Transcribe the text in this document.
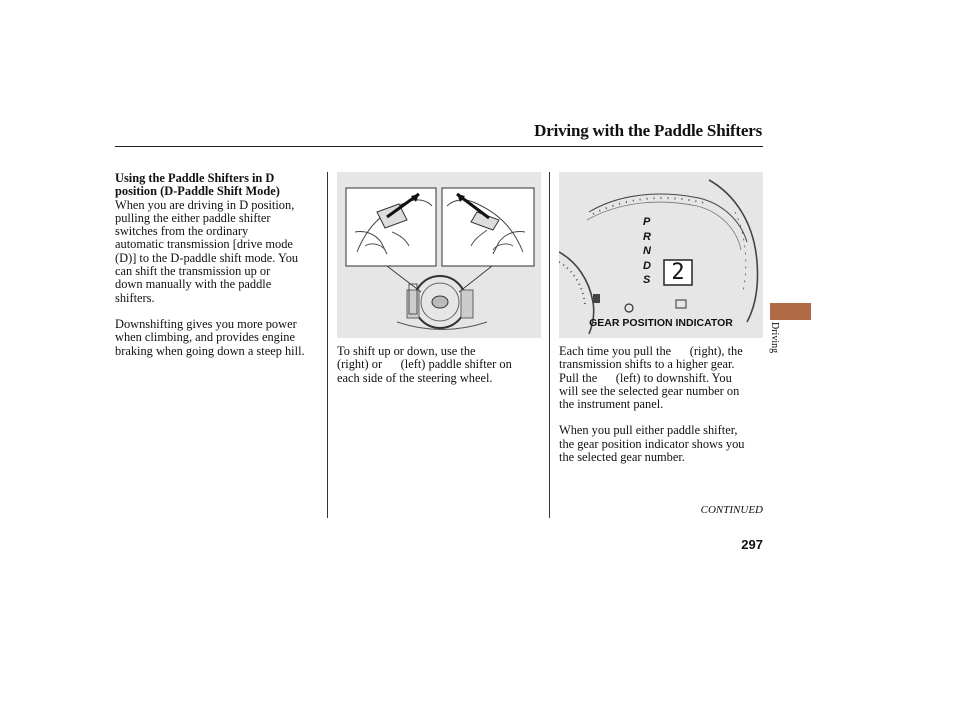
Driving with the Paddle Shifters

Using the Paddle Shifters in D

position (D-Paddle Shift Mode)

When you are driving in D position,

pulling the either paddle shifter

switches from the ordinary

automatic transmission [drive mode

(D)] to the D-paddle shift mode. You

can shift the transmission up or

down manually with the paddle

shifters.

Downshifting gives you more power

when climbing, and provides engine

braking when going down a steep hill.

P
R
N
D
S 2
GEAR POSITION INDICATOR

To shift up or down, use the

(right) or      (left) paddle shifter on

each side of the steering wheel.

Each time you pull the      (right), the

transmission shifts to a higher gear.

Pull the      (left) to downshift. You

will see the selected gear number on

the instrument panel.

When you pull either paddle shifter,

the gear position indicator shows you

the selected gear number.

CONTINUED
297
Driving
